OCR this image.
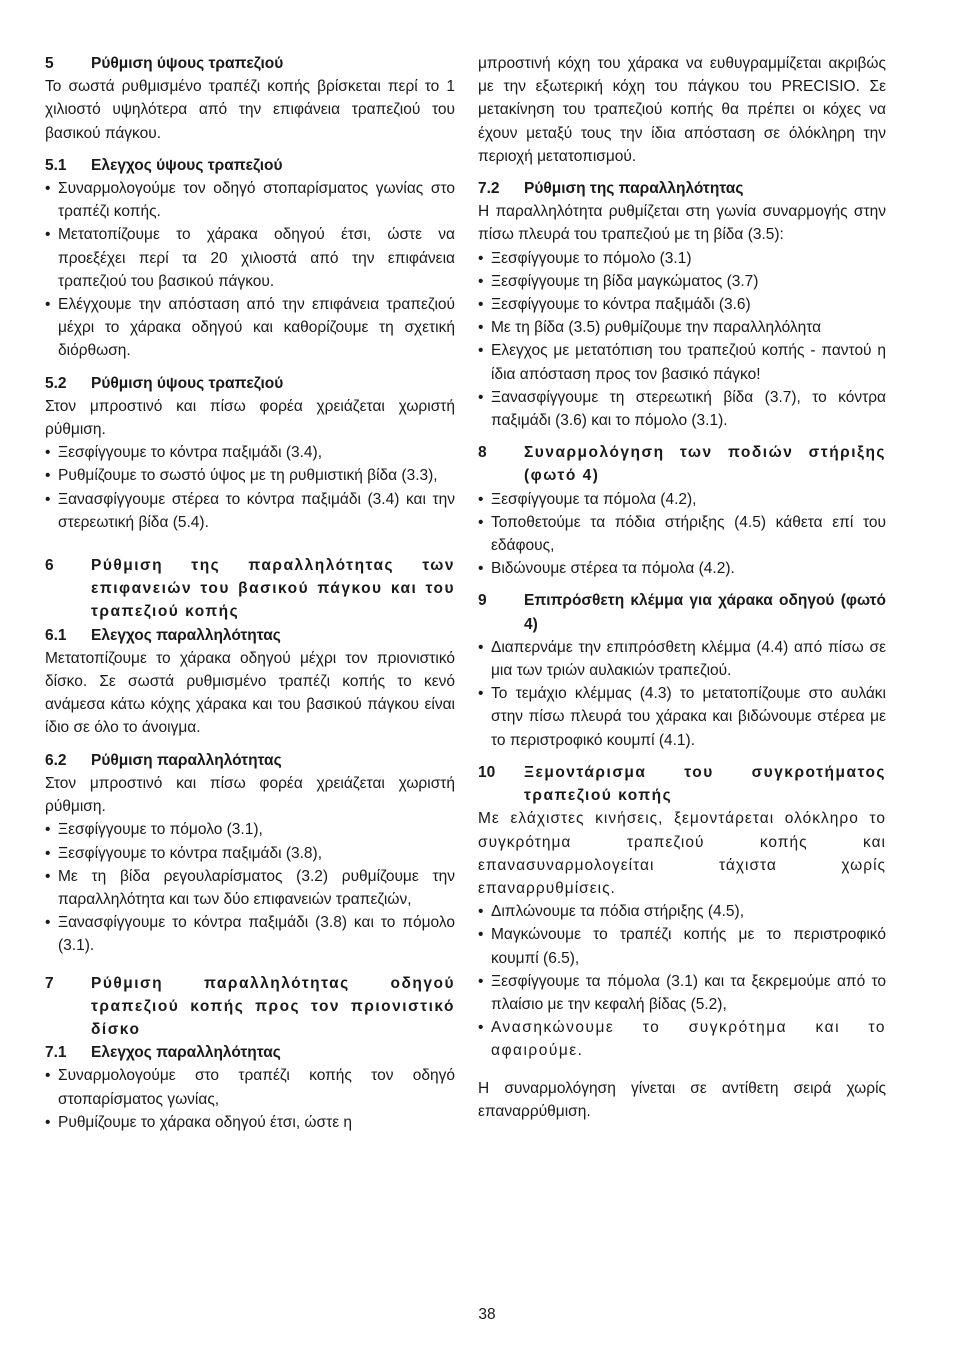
5	Ρύθμιση ύψους τραπεζιού

Το σωστά ρυθμισμένο τραπέζι κοπής βρίσκεται περί το 1 χιλιοστό υψηλότερα από την επιφάνεια τραπεζιού του βασικού πάγκου.

5.1	Ελεγχος ύψους τραπεζιού
• Συναρμολογούμε τον οδηγό στοπαρίσματος γωνίας στο τραπέζι κοπής.
• Μετατοπίζουμε το χάρακα οδηγού έτσι, ώστε να προεξέχει περί τα 20 χιλιοστά από την επιφάνεια τραπεζιού του βασικού πάγκου.
• Ελέγχουμε την απόσταση από την επιφάνεια τραπεζιού μέχρι το χάρακα οδηγού και καθορίζουμε τη σχετική διόρθωση.
5.2	Ρύθμιση ύψους τραπεζιού

Στον μπροστινό και πίσω φορέα χρειάζεται χωριστή ρύθμιση.

• Ξεσφίγγουμε το κόντρα παξιμάδι (3.4),
• Ρυθμίζουμε το σωστό ύψος με τη ρυθμιστική βίδα (3.3),
• Ξανασφίγγουμε στέρεα το κόντρα παξιμάδι (3.4) και την στερεωτική βίδα (5.4).
6	Ρύθμιση της παραλληλότητας των επιφανειών του βασικού πάγκου και του τραπεζιού κοπής
6.1	Ελεγχος παραλληλότητας

Μετατοπίζουμε το χάρακα οδηγού μέχρι τον πριονιστικό δίσκο. Σε σωστά ρυθμισμένο τραπέζι κοπής το κενό ανάμεσα κάτω κόχης χάρακα και του βασικού πάγκου είναι ίδιο σε όλο το άνοιγμα.

6.2	Ρύθμιση παραλληλότητας

Στον μπροστινό και πίσω φορέα χρειάζεται χωριστή ρύθμιση.

• Ξεσφίγγουμε το πόμολο (3.1),
• Ξεσφίγγουμε το κόντρα παξιμάδι (3.8),
• Με τη βίδα ρεγουλαρίσματος (3.2) ρυθμίζουμε την παραλληλότητα και των δύο επιφανειών τραπεζιών,
• Ξανασφίγγουμε το κόντρα παξιμάδι (3.8) και το πόμολο (3.1).
7	Ρύθμιση παραλληλότητας οδηγού τραπεζιού κοπής προς τον πριονιστικό δίσκο
7.1	Ελεγχος παραλληλότητας
• Συναρμολογούμε στο τραπέζι κοπής τον οδηγό στοπαρίσματος γωνίας,
• Ρυθμίζουμε το χάρακα οδηγού έτσι, ώστε η

μπροστινή κόχη του χάρακα να ευθυγραμμίζεται ακριβώς με την εξωτερική κόχη του πάγκου του PRECISIO. Σε μετακίνηση του τραπεζιού κοπής θα πρέπει οι κόχες να έχουν μεταξύ τους την ίδια απόσταση σε όλόκληρη την περιοχή μετατοπισμού.

7.2	Ρύθμιση της παραλληλότητας

Η παραλληλότητα ρυθμίζεται στη γωνία συναρμογής στην πίσω πλευρά του τραπεζιού με τη βίδα (3.5):

• Ξεσφίγγουμε το πόμολο (3.1)
• Ξεσφίγγουμε τη βίδα μαγκώματος (3.7)
• Ξεσφίγγουμε το κόντρα παξιμάδι (3.6)
• Με τη βίδα (3.5) ρυθμίζουμε την παραλληλόλητα
• Ελεγχος με μετατόπιση του τραπεζιού κοπής - παντού η ίδια απόσταση προς τον βασικό πάγκο!
• Ξανασφίγγουμε τη στερεωτική βίδα (3.7), το κόντρα παξιμάδι (3.6) και το πόμολο (3.1).
8	Συναρμολόγηση των ποδιών στήριξης (φωτό 4)
• Ξεσφίγγουμε τα πόμολα (4.2),
• Τοποθετούμε τα πόδια στήριξης (4.5) κάθετα επί του εδάφους,
• Βιδώνουμε στέρεα τα πόμολα (4.2).
9	Επιπρόσθετη κλέμμα για χάρακα οδηγού (φωτό 4)
• Διαπερνάμε την επιπρόσθετη κλέμμα (4.4) από πίσω σε μια των τριών αυλακιών τραπεζιού.
• Το τεμάχιο κλέμμας (4.3) το μετατοπίζουμε στο αυλάκι στην πίσω πλευρά του χάρακα και βιδώνουμε στέρεα με το περιστροφικό κουμπί (4.1).
10	Ξεμοντάρισμα του συγκροτήματος τραπεζιού κοπής

Με ελάχιστες κινήσεις, ξεμοντάρεται ολόκληρο το συγκρότημα τραπεζιού κοπής και επανασυναρμολογείται τάχιστα χωρίς επαναρρυθμίσεις.

• Διπλώνουμε τα πόδια στήριξης (4.5),
• Μαγκώνουμε το τραπέζι κοπής με το περιστροφικό κουμπί (6.5),
• Ξεσφίγγουμε τα πόμολα (3.1) και τα ξεκρεμούμε από το πλαίσιο με την κεφαλή βίδας (5.2),
• Ανασηκώνουμε το συγκρότημα και το αφαιρούμε.

Η συναρμολόγηση γίνεται σε αντίθετη σειρά χωρίς επαναρρύθμιση.

38
